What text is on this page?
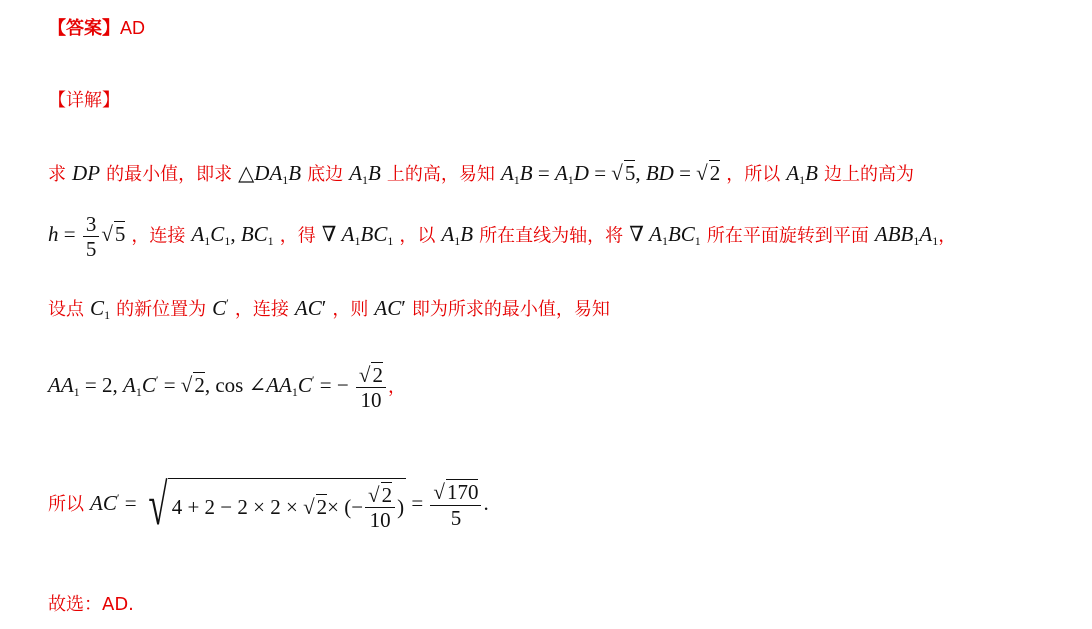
【答案】AD
【详解】
求 DP 的最小值，即求 $\triangle DA_1B$ 底边 $A_1B$ 上的高，易知 $A_1B = A_1D = √5$, BD = √2 ，所以 $A_1B$ 边上的高为
$h = \frac{3}{5} √5$ ，连接 $A_1C_1$, $BC_1$ ，得 ∇ $A_1BC_1$ ，以 $A_1B$ 所在直线为轴，将 ∇ $A_1BC_1$ 所在平面旋转到平面 $ABB_1A_1$，
设点 $C_1$ 的新位置为 C′ ，连接 AC′ ，则 AC′ 即为所求的最小值，易知
$AA_1 = 2$, $A_1C' = √2$, $\cos \angle AA_1C'$ = − $\frac{√2}{10}$ ，
所以 AC′ = √ 4 + 2 − 2 × 2 × √ 2 × (− $\frac{√2}{10}$ ) = $\frac{√170}{5}$ .
故选：AD.
